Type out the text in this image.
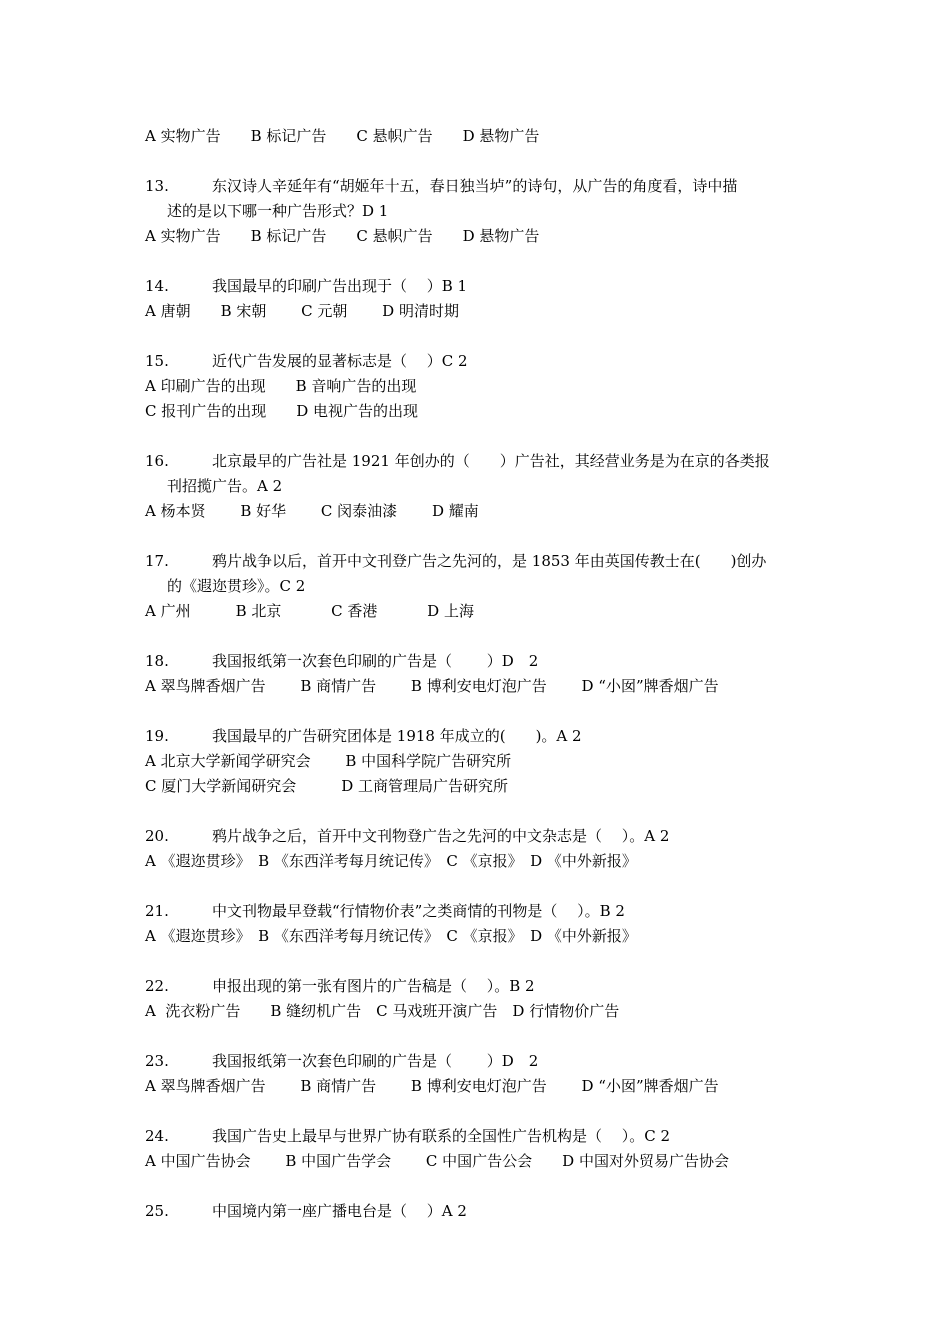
A 实物广告　　B 标记广告　　C 悬帜广告　　D 悬物广告
13.	东汉诗人辛延年有“胡姬年十五，春日独当垆”的诗句，从广告的角度看，诗中描
述的是以下哪一种广告形式？D 1
A 实物广告　　B 标记广告　　C 悬帜广告　　D 悬物广告
14.	我国最早的印刷广告出现于（　 ）B 1
A 唐朝　　B 宋朝　　 C 元朝　　 D 明清时期
15.	近代广告发展的显著标志是（　 ）C 2
A 印刷广告的出现　　B 音响广告的出现
C 报刊广告的出现　　D 电视广告的出现
16.	北京最早的广告社是 1921 年创办的（　　）广告社，其经营业务是为在京的各类报
刊招揽广告。A 2
A 杨本贤　　 B 好华　　 C 闵泰油漆　　 D 耀南
17.	鸦片战争以后，首开中文刊登广告之先河的，是 1853 年由英国传教士在(　　)创办
的《遐迩贯珍》。C 2
A 广州　　　B 北京　　　 C 香港　　　 D 上海
18.	我国报纸第一次套色印刷的广告是（　　 ）D　2
A 翠鸟牌香烟广告　　 B 商情广告　　 B 博利安电灯泡广告　　 D “小囡”牌香烟广告
19.	我国最早的广告研究团体是 1918 年成立的(　　)。A 2
A 北京大学新闻学研究会　　 B 中国科学院广告研究所
C 厦门大学新闻研究会　　　D 工商管理局广告研究所
20.	鸦片战争之后，首开中文刊物登广告之先河的中文杂志是（　 ）。A 2
A 《遐迩贯珍》　B 《东西洋考每月统记传》　C 《京报》　D 《中外新报》
21.	中文刊物最早登载“行情物价表”之类商情的刊物是（　 ）。B 2
A 《遐迩贯珍》　B 《东西洋考每月统记传》　C 《京报》　D 《中外新报》
22.	申报出现的第一张有图片的广告稿是（　 ）。B 2
A  洗衣粉广告　　B 缝纫机广告　C 马戏班开演广告　D 行情物价广告
23.	我国报纸第一次套色印刷的广告是（　　 ）D　2
A 翠鸟牌香烟广告　　 B 商情广告　　 B 博利安电灯泡广告　　 D “小囡”牌香烟广告
24.	我国广告史上最早与世界广协有联系的全国性广告机构是（　 ）。C 2
A 中国广告协会　　 B 中国广告学会　　 C 中国广告公会　　D 中国对外贸易广告协会
25.	中国境内第一座广播电台是（　 ）A 2
